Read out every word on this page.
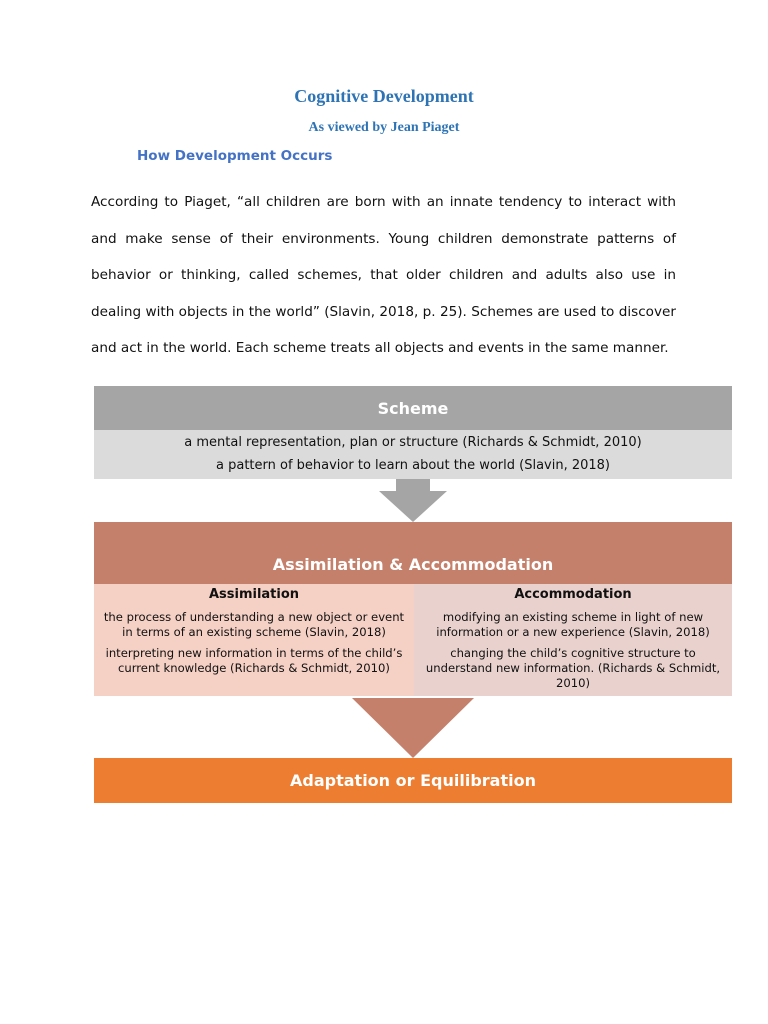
Cognitive Development
As viewed by Jean Piaget
How Development Occurs
According to Piaget, “all children are born with an innate tendency to interact with and make sense of their environments. Young children demonstrate patterns of behavior or thinking, called schemes, that older children and adults also use in dealing with objects in the world” (Slavin, 2018, p. 25). Schemes are used to discover and act in the world. Each scheme treats all objects and events in the same manner.
Scheme
a mental representation, plan or structure (Richards & Schmidt, 2010)
a pattern of behavior to learn about the world (Slavin, 2018)
Assimilation & Accommodation
Assimilation
the process of understanding a new object or event in terms of an existing scheme (Slavin, 2018)
interpreting new information in terms of the child’s current knowledge (Richards & Schmidt, 2010)
Accommodation
modifying an existing scheme in light of new information or a new experience (Slavin, 2018)
changing the child’s cognitive structure to understand new information. (Richards & Schmidt, 2010)
Adaptation or Equilibration
